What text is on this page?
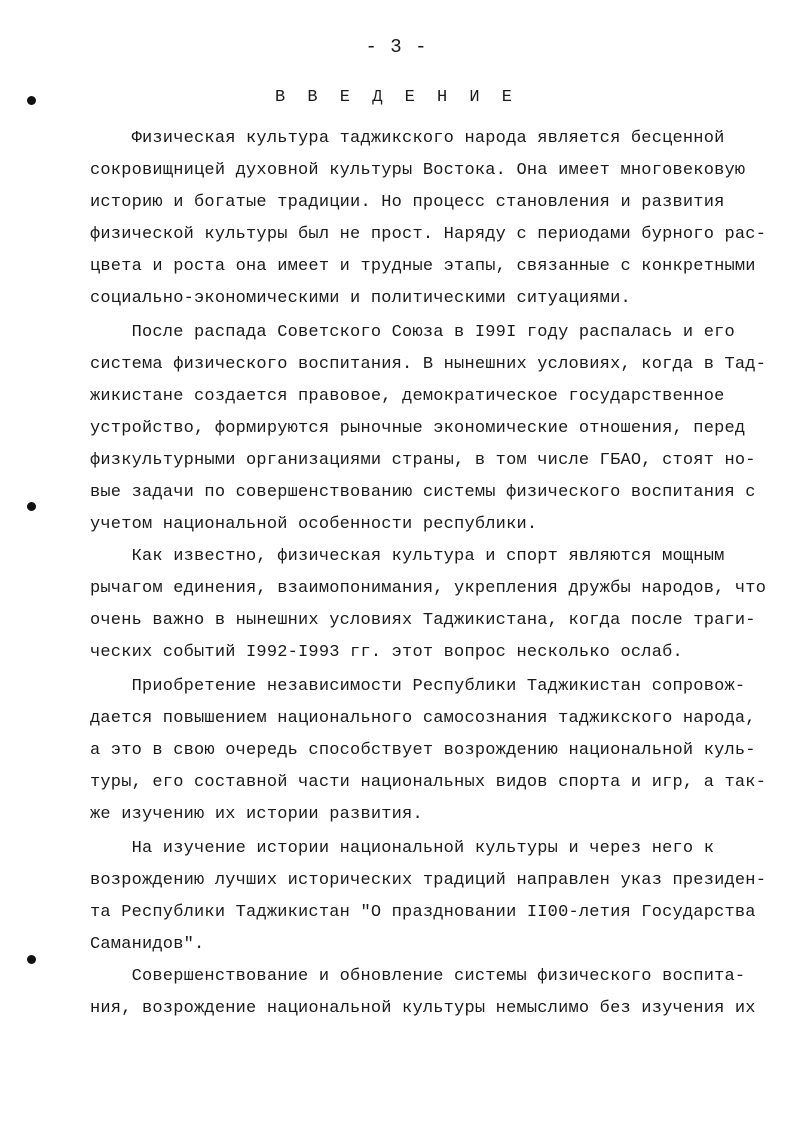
- 3 -
В В Е Д Е Н И Е
Физическая культура таджикского народа является бесценной
сокровищницей духовной культуры Востока. Она имеет многовековую
историю и богатые традиции. Но процесс становления и развития
физической культуры был не прост. Наряду с периодами бурного рас-
цвета и роста она имеет и трудные этапы, связанные с конкретными
социально-экономическими и политическими ситуациями.
После распада Советского Союза в I99I году распалась и его
система физического воспитания. В нынешних условиях, когда в Тад-
жикистане создается правовое, демократическое государственное
устройство, формируются рыночные экономические отношения, перед
физкультурными организациями страны, в том числе ГБАО, стоят но-
вые задачи по совершенствованию системы физического воспитания с
учетом национальной особенности республики.
Как известно, физическая культура и спорт являются мощным
рычагом единения, взаимопонимания, укрепления дружбы народов, что
очень важно в нынешних условиях Таджикистана, когда после траги-
ческих событий I992-I993 гг. этот вопрос несколько ослаб.
Приобретение независимости Республики Таджикистан сопровож-
дается повышением национального самосознания таджикского народа,
а это в свою очередь способствует возрождению национальной куль-
туры, его составной части национальных видов спорта и игр, а так-
же изучению их истории развития.
На изучение истории национальной культуры и через него к
возрождению лучших исторических традиций направлен указ президен-
та Республики Таджикистан "О праздновании II00-летия Государства
Саманидов".
Совершенствование и обновление системы физического воспита-
ния, возрождение национальной культуры немыслимо без изучения их
